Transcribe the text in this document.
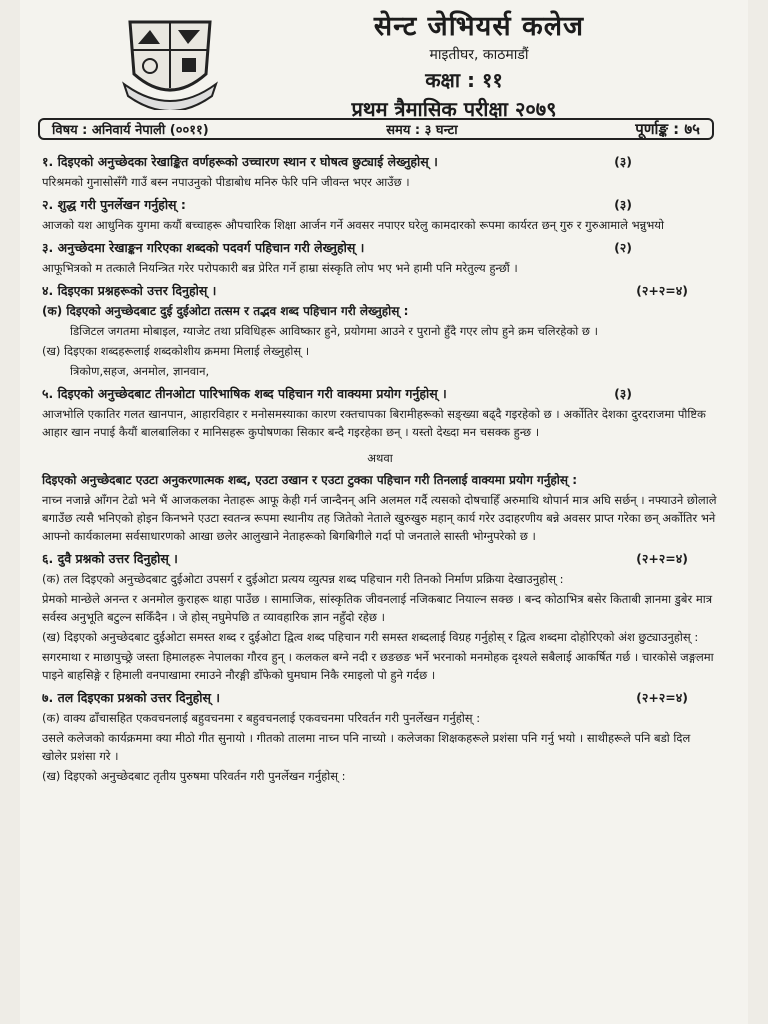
सेन्ट जेभियर्स कलेज
माइतीघर, काठमाडौं
कक्षा : ११
प्रथम त्रैमासिक परीक्षा २०७९
विषय : अनिवार्य नेपाली (००११)	समय : ३ घन्टा	पूर्णाङ्क : ७५
१. दिइएको अनुच्छेदका रेखाङ्कित वर्णहरूको उच्चारण स्थान र घोषत्व छुट्याई लेख्नुहोस् ।	(३)
परिश्रमको गुनासोसँगै गाउँ बस्न नपाउनुको पीडाबोध मनिरु फेरि पनि जीवन्त भएर आउँछ ।
२. शुद्ध गरी पुनर्लेखन गर्नुहोस् :	(३)
आजको यश आधुनिक युगमा कयौं बच्चाहरू औपचारिक शिक्षा आर्जन गर्ने अवसर नपाएर घरेलु कामदारको रूपमा कार्यरत छन् गुरु र गुरुआमाले भन्नुभयो
३. अनुच्छेदमा रेखाङ्कन गरिएका शब्दको पदवर्ग पहिचान गरी लेख्नुहोस् ।	(२)
आफूभित्रको म तत्कालै नियन्त्रित गरेर परोपकारी बन्न प्रेरित गर्ने हाम्रा संस्कृति लोप भए भने हामी पनि मरेतुल्य हुन्छौं ।
४. दिइएका प्रश्नहरूको उत्तर दिनुहोस् ।	(२+२=४)
(क) दिइएको अनुच्छेदबाट दुई दुईओटा तत्सम र तद्भव शब्द पहिचान गरी लेख्नुहोस् :
डिजिटल जगतमा मोबाइल, ग्याजेट तथा प्रविधिहरू आविष्कार हुने, प्रयोगमा आउने र पुरानो हुँदै गएर लोप हुने क्रम चलिरहेको छ ।
(ख) दिइएका शब्दहरूलाई शब्दकोशीय क्रममा मिलाई लेख्नुहोस् ।
त्रिकोण,सहज, अनमोल, ज्ञानवान,
५. दिइएको अनुच्छेदबाट तीनओटा पारिभाषिक शब्द पहिचान गरी वाक्यमा प्रयोग गर्नुहोस् ।	(३)
आजभोलि एकातिर गलत खानपान, आहारविहार र मनोसमस्याका कारण रक्तचापका बिरामीहरूको सङ्ख्या बढ्दै गइरहेको छ । अर्कोतिर देशका दुरदराजमा पौष्टिक आहार खान नपाई कैयौं बालबालिका र मानिसहरू कुपोषणका सिकार बन्दै गइरहेका छन् । यस्तो देख्दा मन चसक्क हुन्छ ।
अथवा
दिइएको अनुच्छेदबाट एउटा अनुकरणात्मक शब्द, एउटा उखान र एउटा टुक्का पहिचान गरी तिनलाई वाक्यमा प्रयोग गर्नुहोस् :
नाच्न नजान्ने आँगन टेढो भने भैं आजकलका नेताहरू आफू केही गर्न जान्दैनन् अनि अलमल गर्दै त्यसको दोषचाहिँ अरुमाथि थोपार्न मात्र अघि सर्छन् । नफ्याउने छोलाले बगाउँछ त्यसै भनिएको होइन किनभने एउटा स्वतन्त्र रूपमा स्थानीय तह जितेको नेताले खुरुखुरु महान् कार्य गरेर उदाहरणीय बन्ने अवसर प्राप्त गरेका छन् अर्कोतिर भने आफ्नो कार्यकालमा सर्वसाधारणको आखा छलेर आलुखाने नेताहरूको बिगबिगीले गर्दा पो जनताले सास्ती भोग्नुपरेको छ ।
६. दुवै प्रश्नको उत्तर दिनुहोस् ।	(२+२=४)
(क) तल दिइएको अनुच्छेदबाट दुईओटा उपसर्ग र दुईओटा प्रत्यय व्युत्पन्न शब्द पहिचान गरी तिनको निर्माण प्रक्रिया देखाउनुहोस् :
प्रेमको मान्छेले अनन्त र अनमोल कुराहरू थाहा पाउँछ । सामाजिक, सांस्कृतिक जीवनलाई नजिकबाट नियाल्न सक्छ । बन्द कोठाभित्र बसेर किताबी ज्ञानमा डुबेर मात्र सर्वस्व अनुभूति बटुल्न सकिँदैन । जे होस् नघुमेपछि त व्यावहारिक ज्ञान नहुँदो रहेछ ।
(ख) दिइएको अनुच्छेदबाट दुईओटा समस्त शब्द र दुईओटा द्वित्व शब्द पहिचान गरी समस्त शब्दलाई विग्रह गर्नुहोस् र द्वित्व शब्दमा दोहोरिएको अंश छुट्याउनुहोस् :
सगरमाथा र माछापुच्छ्रे जस्ता हिमालहरू नेपालका गौरव हुन् । कलकल बग्ने नदी र छङछङ भर्ने भरनाको मनमोहक दृश्यले सबैलाई आकर्षित गर्छ । चारकोसे जङ्गलमा पाइने बाहसिङ्गे र हिमाली वनपाखामा रमाउने नौरङ्गी डाँफेको घुमघाम निकै रमाइलो पो हुने गर्दछ ।
७. तल दिइएका प्रश्नको उत्तर दिनुहोस् ।	(२+२=४)
(क) वाक्य ढाँचासहित एकवचनलाई बहुवचनमा र बहुवचनलाई एकवचनमा परिवर्तन गरी पुनर्लेखन गर्नुहोस् :
उसले कलेजको कार्यक्रममा क्या मीठो गीत सुनायो । गीतको तालमा नाच्न पनि नाच्यो । कलेजका शिक्षकहरूले प्रशंसा पनि गर्नु भयो । साथीहरूले पनि बडो दिल खोलेर प्रशंसा गरे ।
(ख) दिइएको अनुच्छेदबाट तृतीय पुरुषमा परिवर्तन गरी पुनर्लेखन गर्नुहोस् :
